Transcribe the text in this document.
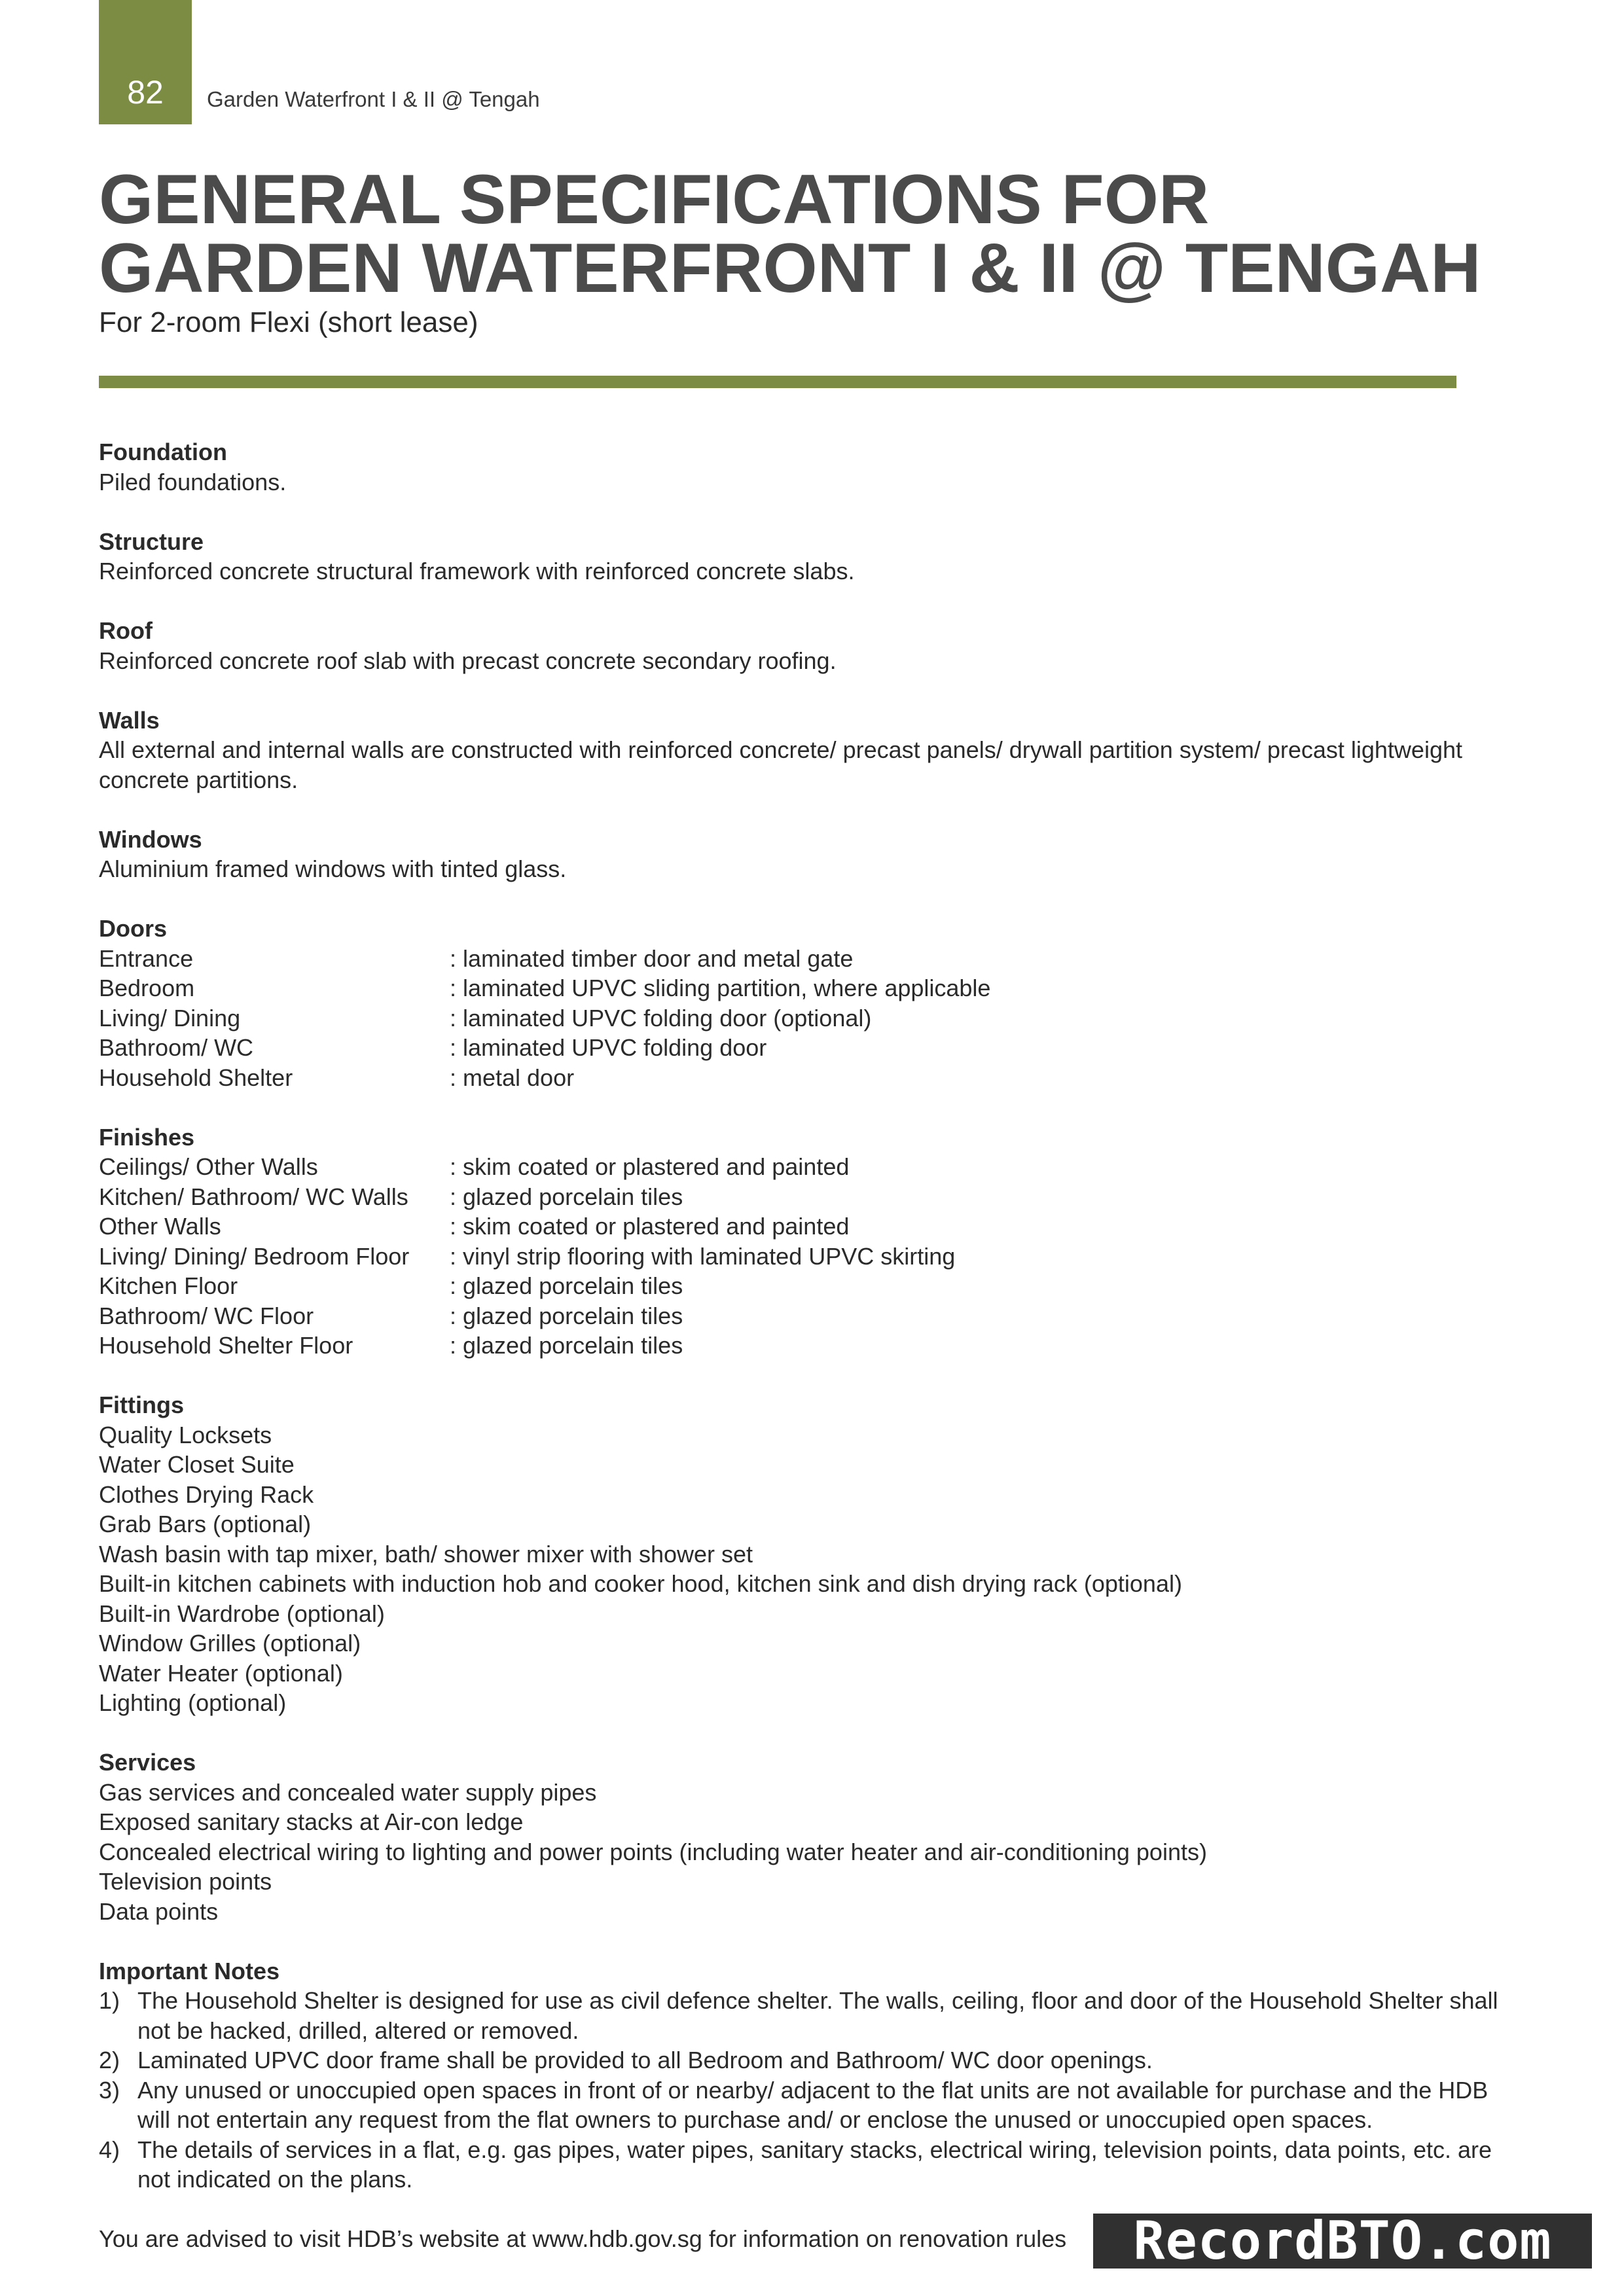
82 Garden Waterfront I & II @ Tengah
GENERAL SPECIFICATIONS FOR
GARDEN WATERFRONT I & II @ TENGAH
For 2-room Flexi (short lease)
Foundation
Piled foundations.
Structure
Reinforced concrete structural framework with reinforced concrete slabs.
Roof
Reinforced concrete roof slab with precast concrete secondary roofing.
Walls
All external and internal walls are constructed with reinforced concrete/ precast panels/ drywall partition system/ precast lightweight concrete partitions.
Windows
Aluminium framed windows with tinted glass.
Doors
Entrance	: laminated timber door and metal gate
Bedroom	: laminated UPVC sliding partition, where applicable
Living/ Dining	: laminated UPVC folding door (optional)
Bathroom/ WC	: laminated UPVC folding door
Household Shelter	: metal door
Finishes
Ceilings/ Other Walls	: skim coated or plastered and painted
Kitchen/ Bathroom/ WC Walls	: glazed porcelain tiles
Other Walls	: skim coated or plastered and painted
Living/ Dining/ Bedroom Floor	: vinyl strip flooring with laminated UPVC skirting
Kitchen Floor	: glazed porcelain tiles
Bathroom/ WC Floor	: glazed porcelain tiles
Household Shelter Floor	: glazed porcelain tiles
Fittings
Quality Locksets
Water Closet Suite
Clothes Drying Rack
Grab Bars (optional)
Wash basin with tap mixer, bath/ shower mixer with shower set
Built-in kitchen cabinets with induction hob and cooker hood, kitchen sink and dish drying rack (optional)
Built-in Wardrobe (optional)
Window Grilles (optional)
Water Heater (optional)
Lighting (optional)
Services
Gas services and concealed water supply pipes
Exposed sanitary stacks at Air-con ledge
Concealed electrical wiring to lighting and power points (including water heater and air-conditioning points)
Television points
Data points
Important Notes
1) The Household Shelter is designed for use as civil defence shelter. The walls, ceiling, floor and door of the Household Shelter shall not be hacked, drilled, altered or removed.
2) Laminated UPVC door frame shall be provided to all Bedroom and Bathroom/ WC door openings.
3) Any unused or unoccupied open spaces in front of or nearby/ adjacent to the flat units are not available for purchase and the HDB will not entertain any request from the flat owners to purchase and/ or enclose the unused or unoccupied open spaces.
4) The details of services in a flat, e.g. gas pipes, water pipes, sanitary stacks, electrical wiring, television points, data points, etc. are not indicated on the plans.
You are advised to visit HDB’s website at www.hdb.gov.sg for information on renovation rules	RecordBTO.com
